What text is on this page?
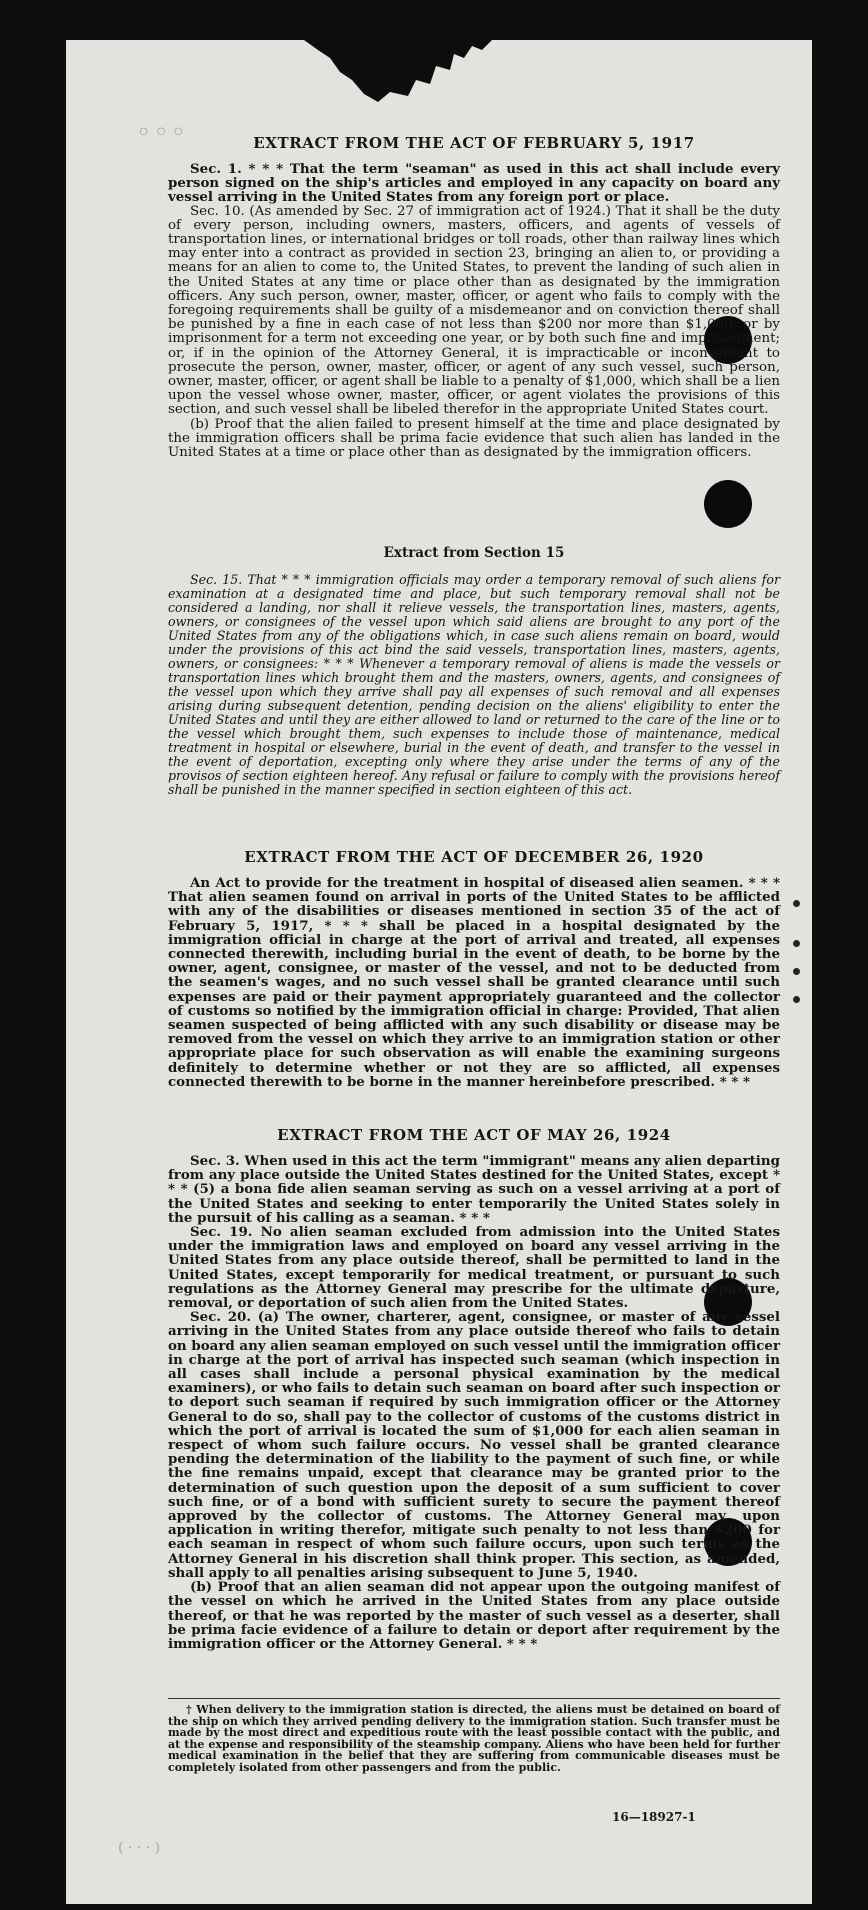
◦◦◦	EXTRACT FROM THE ACT OF FEBRUARY 5, 1917

Sec. 1. * * * That the term "seaman" as used in this act shall include every person signed on the ship's articles and employed in any capacity on board any vessel arriving in the United States from any foreign port or place.

Sec. 10. (As amended by Sec. 27 of immigration act of 1924.) That it shall be the duty of every person, including owners, masters, officers, and agents of vessels of transportation lines, or international bridges or toll roads, other than railway lines which may enter into a contract as provided in section 23, bringing an alien to, or providing a means for an alien to come to, the United States, to prevent the landing of such alien in the United States at any time or place other than as designated by the immigration officers. Any such person, owner, master, officer, or agent who fails to comply with the foregoing requirements shall be guilty of a misdemeanor and on conviction thereof shall be punished by a fine in each case of not less than $200 nor more than $1,000, or by imprisonment for a term not exceeding one year, or by both such fine and imprisonment; or, if in the opinion of the Attorney General, it is impracticable or inconvenient to prosecute the person, owner, master, officer, or agent of any such vessel, such person, owner, master, officer, or agent shall be liable to a penalty of $1,000, which shall be a lien upon the vessel whose owner, master, officer, or agent violates the provisions of this section, and such vessel shall be libeled therefor in the appropriate United States court.

(b) Proof that the alien failed to present himself at the time and place designated by the immigration officers shall be prima facie evidence that such alien has landed in the United States at a time or place other than as designated by the immigration officers.

Extract from Section 15

Sec. 15. That * * * immigration officials may order a temporary removal of such aliens for examination at a designated time and place, but such temporary removal shall not be considered a landing, nor shall it relieve vessels, the transportation lines, masters, agents, owners, or consignees of the vessel upon which said aliens are brought to any port of the United States from any of the obligations which, in case such aliens remain on board, would under the provisions of this act bind the said vessels, transportation lines, masters, agents, owners, or consignees: * * * Whenever a temporary removal of aliens is made the vessels or transportation lines which brought them and the masters, owners, agents, and consignees of the vessel upon which they arrive shall pay all expenses of such removal and all expenses arising during subsequent detention, pending decision on the aliens' eligibility to enter the United States and until they are either allowed to land or returned to the care of the line or to the vessel which brought them, such expenses to include those of maintenance, medical treatment in hospital or elsewhere, burial in the event of death, and transfer to the vessel in the event of deportation, excepting only where they arise under the terms of any of the provisos of section eighteen hereof. Any refusal or failure to comply with the provisions hereof shall be punished in the manner specified in section eighteen of this act.

EXTRACT FROM THE ACT OF DECEMBER 26, 1920

An Act to provide for the treatment in hospital of diseased alien seamen. * * * That alien seamen found on arrival in ports of the United States to be afflicted with any of the disabilities or diseases mentioned in section 35 of the act of February 5, 1917, * * * shall be placed in a hospital designated by the immigration official in charge at the port of arrival and treated, all expenses connected therewith, including burial in the event of death, to be borne by the owner, agent, consignee, or master of the vessel, and not to be deducted from the seamen's wages, and no such vessel shall be granted clearance until such expenses are paid or their payment appropriately guaranteed and the collector of customs so notified by the immigration official in charge: Provided, That alien seamen suspected of being afflicted with any such disability or disease may be removed from the vessel on which they arrive to an immigration station or other appropriate place for such observation as will enable the examining surgeons definitely to determine whether or not they are so afflicted, all expenses connected therewith to be borne in the manner hereinbefore prescribed. * * *

EXTRACT FROM THE ACT OF MAY 26, 1924

Sec. 3. When used in this act the term "immigrant" means any alien departing from any place outside the United States destined for the United States, except * * * (5) a bona fide alien seaman serving as such on a vessel arriving at a port of the United States and seeking to enter temporarily the United States solely in the pursuit of his calling as a seaman. * * *

Sec. 19. No alien seaman excluded from admission into the United States under the immigration laws and employed on board any vessel arriving in the United States from any place outside thereof, shall be permitted to land in the United States, except temporarily for medical treatment, or pursuant to such regulations as the Attorney General may prescribe for the ultimate departure, removal, or deportation of such alien from the United States.

Sec. 20. (a) The owner, charterer, agent, consignee, or master of any vessel arriving in the United States from any place outside thereof who fails to detain on board any alien seaman employed on such vessel until the immigration officer in charge at the port of arrival has inspected such seaman (which inspection in all cases shall include a personal physical examination by the medical examiners), or who fails to detain such seaman on board after such inspection or to deport such seaman if required by such immigration officer or the Attorney General to do so, shall pay to the collector of customs of the customs district in which the port of arrival is located the sum of $1,000 for each alien seaman in respect of whom such failure occurs. No vessel shall be granted clearance pending the determination of the liability to the payment of such fine, or while the fine remains unpaid, except that clearance may be granted prior to the determination of such question upon the deposit of a sum sufficient to cover such fine, or of a bond with sufficient surety to secure the payment thereof approved by the collector of customs. The Attorney General may, upon application in writing therefor, mitigate such penalty to not less than $200 for each seaman in respect of whom such failure occurs, upon such terms as the Attorney General in his discretion shall think proper. This section, as amended, shall apply to all penalties arising subsequent to June 5, 1940.

(b) Proof that an alien seaman did not appear upon the outgoing manifest of the vessel on which he arrived in the United States from any place outside thereof, or that he was reported by the master of such vessel as a deserter, shall be prima facie evidence of a failure to detain or deport after requirement by the immigration officer or the Attorney General. * * *

† When delivery to the immigration station is directed, the aliens must be detained on board of the ship on which they arrived pending delivery to the immigration station. Such transfer must be made by the most direct and expeditious route with the least possible contact with the public, and at the expense and responsibility of the steamship company. Aliens who have been held for further medical examination in the belief that they are suffering from communicable diseases must be completely isolated from other passengers and from the public.

16—18927-1
( · · · )
